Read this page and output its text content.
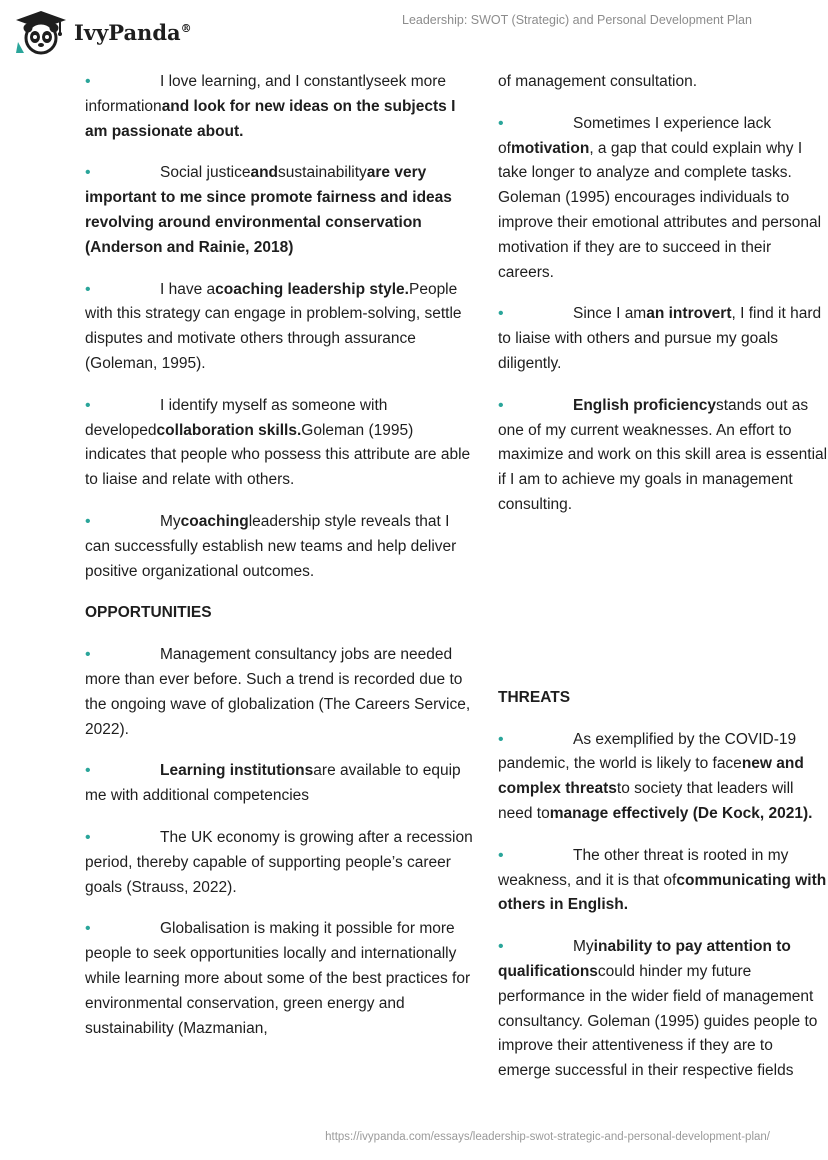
IvyPanda®
Leadership: SWOT (Strategic) and Personal Development Plan
•	I love learning, and I constantlyseek more informationand look for new ideas on the subjects I am passionate about.
•	Social justiceandsustainabilityare very important to me since promote fairness and ideas revolving around environmental conservation (Anderson and Rainie, 2018)
•	I have acoaching leadership style.People with this strategy can engage in problem-solving, settle disputes and motivate others through assurance (Goleman, 1995).
•	I identify myself as someone with developedcollaboration skills.Goleman (1995) indicates that people who possess this attribute are able to liaise and relate with others.
•	Mycoachingleadership style reveals that I can successfully establish new teams and help deliver positive organizational outcomes.
OPPORTUNITIES
•	Management consultancy jobs are needed more than ever before. Such a trend is recorded due to the ongoing wave of globalization (The Careers Service, 2022).
•	Learning institutionsare available to equip me with additional competencies
•	The UK economy is growing after a recession period, thereby capable of supporting people’s career goals (Strauss, 2022).
•	Globalisation is making it possible for more people to seek opportunities locally and internationally while learning more about some of the best practices for environmental conservation, green energy and sustainability (Mazmanian,
of management consultation.
•	Sometimes I experience lack ofmotivation, a gap that could explain why I take longer to analyze and complete tasks. Goleman (1995) encourages individuals to improve their emotional attributes and personal motivation if they are to succeed in their careers.
•	Since I aman introvert, I find it hard to liaise with others and pursue my goals diligently.
•	English proficiencystands out as one of my current weaknesses. An effort to maximize and work on this skill area is essential if I am to achieve my goals in management consulting.
THREATS
•	As exemplified by the COVID-19 pandemic, the world is likely to facenew and complex threatsto society that leaders will need tomanage effectively (De Kock, 2021).
•	The other threat is rooted in my weakness, and it is that ofcommunicating with others in English.
•	Myinability to pay attention to qualificationscould hinder my future performance in the wider field of management consultancy. Goleman (1995) guides people to improve their attentiveness if they are to emerge successful in their respective fields
https://ivypanda.com/essays/leadership-swot-strategic-and-personal-development-plan/
